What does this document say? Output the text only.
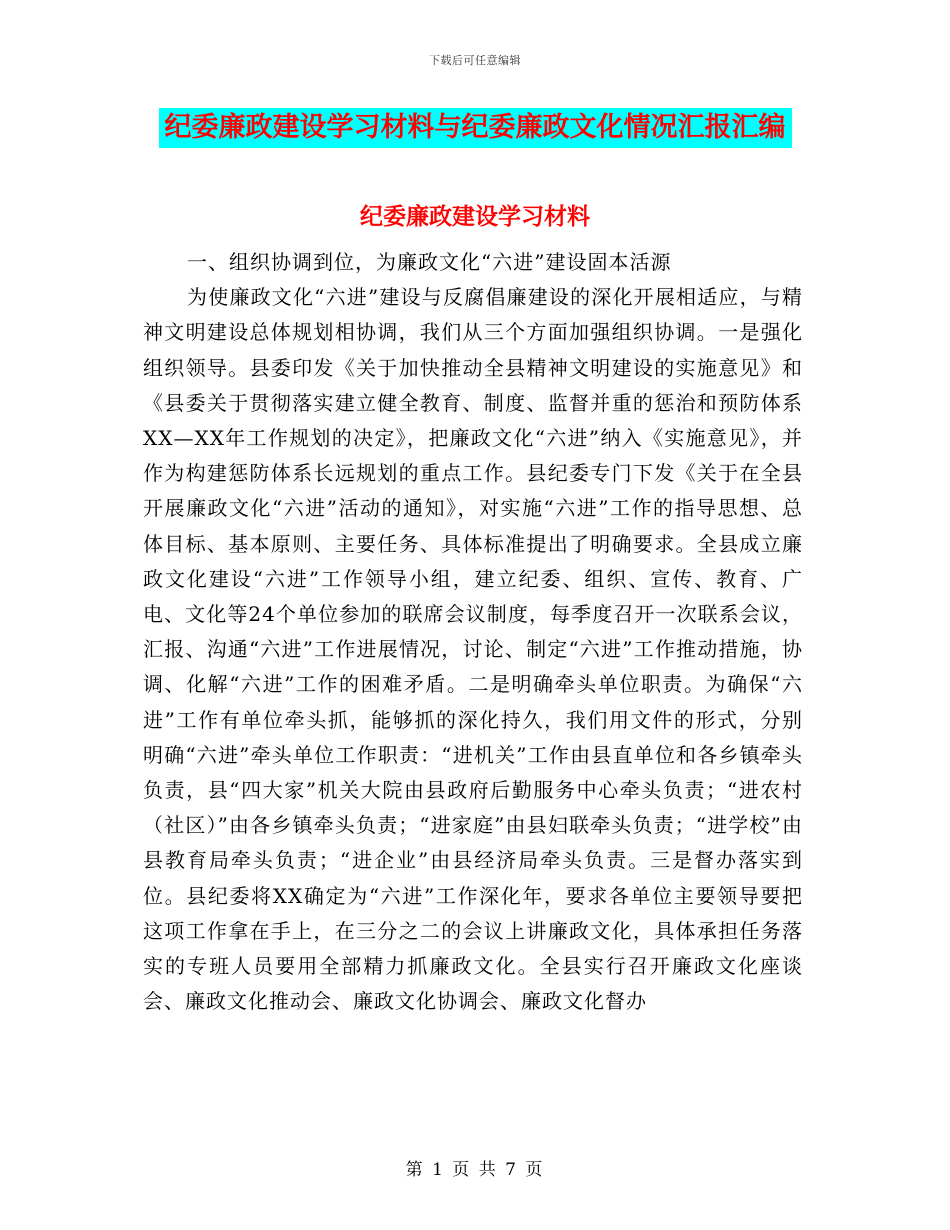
下载后可任意编辑
纪委廉政建设学习材料与纪委廉政文化情况汇报汇编
纪委廉政建设学习材料

一、组织协调到位，为廉政文化“六进”建设固本活源

为使廉政文化“六进”建设与反腐倡廉建设的深化开展相适应，与精神文明建设总体规划相协调，我们从三个方面加强组织协调。一是强化组织领导。县委印发《关于加快推动全县精神文明建设的实施意见》和《县委关于贯彻落实建立健全教育、制度、监督并重的惩治和预防体系XX—XX年工作规划的决定》，把廉政文化“六进”纳入《实施意见》，并作为构建惩防体系长远规划的重点工作。县纪委专门下发《关于在全县开展廉政文化“六进”活动的通知》，对实施“六进”工作的指导思想、总体目标、基本原则、主要任务、具体标准提出了明确要求。全县成立廉政文化建设“六进”工作领导小组，建立纪委、组织、宣传、教育、广电、文化等24个单位参加的联席会议制度，每季度召开一次联系会议，汇报、沟通“六进”工作进展情况，讨论、制定“六进”工作推动措施，协调、化解“六进”工作的困难矛盾。二是明确牵头单位职责。为确保“六进”工作有单位牵头抓，能够抓的深化持久，我们用文件的形式，分别明确“六进”牵头单位工作职责：“进机关”工作由县直单位和各乡镇牵头负责，县“四大家”机关大院由县政府后勤服务中心牵头负责；“进农村（社区）”由各乡镇牵头负责；“进家庭”由县妇联牵头负责；“进学校”由县教育局牵头负责；“进企业”由县经济局牵头负责。三是督办落实到位。县纪委将XX确定为“六进”工作深化年，要求各单位主要领导要把这项工作拿在手上，在三分之二的会议上讲廉政文化，具体承担任务落实的专班人员要用全部精力抓廉政文化。全县实行召开廉政文化座谈会、廉政文化推动会、廉政文化协调会、廉政文化督办

第 1 页 共 7 页
